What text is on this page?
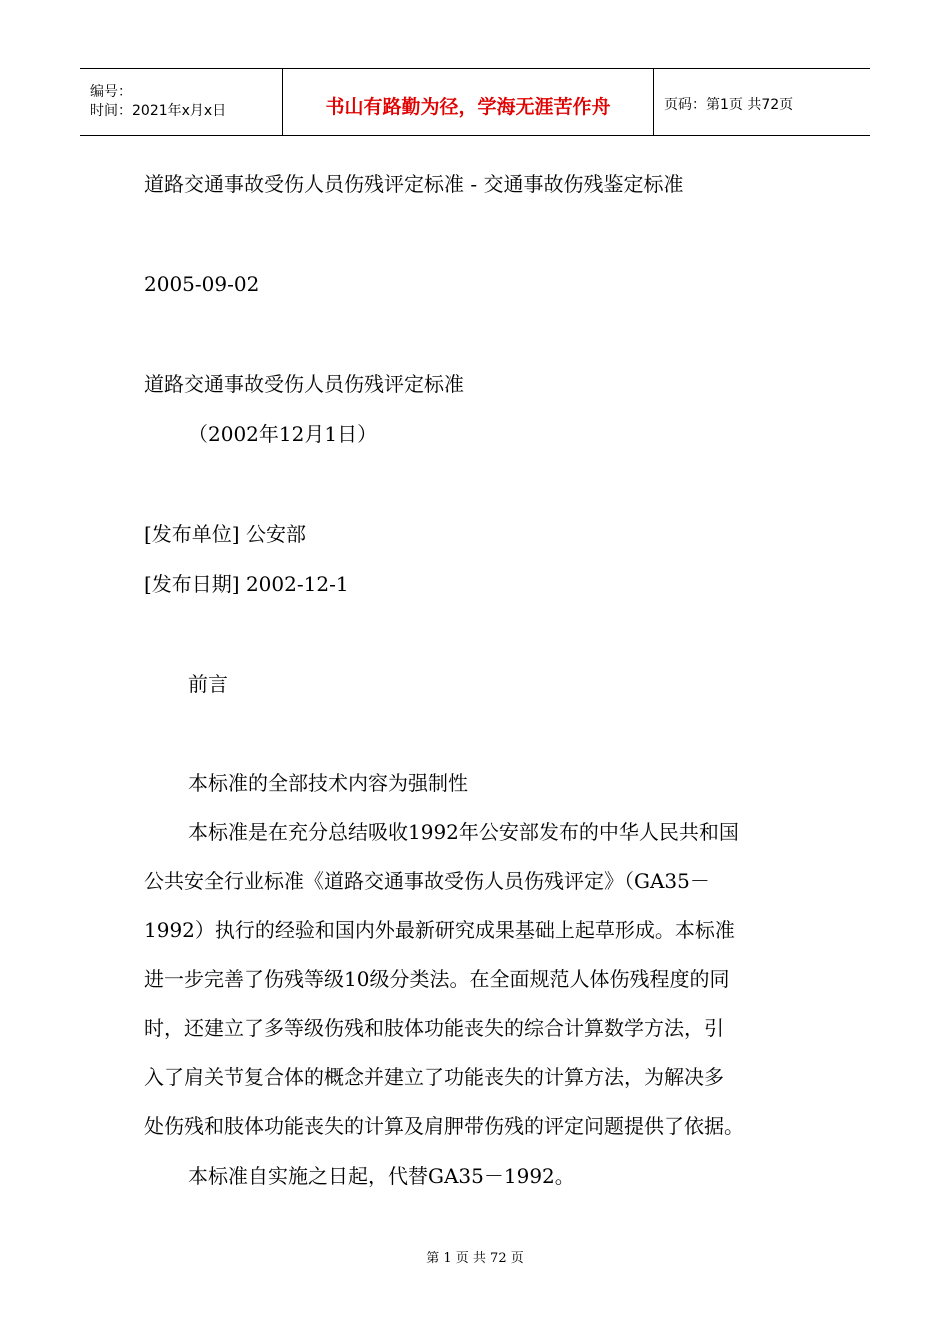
编号：
时间：2021年x月x日	书山有路勤为径，学海无涯苦作舟	页码：第1页 共72页
道路交通事故受伤人员伤残评定标准 - 交通事故伤残鉴定标准
2005-09-02
道路交通事故受伤人员伤残评定标准
（2002年12月1日）
[发布单位] 公安部
[发布日期] 2002-12-1
前言
本标准的全部技术内容为强制性
本标准是在充分总结吸收1992年公安部发布的中华人民共和国
公共安全行业标准《道路交通事故受伤人员伤残评定》（GA35－
1992）执行的经验和国内外最新研究成果基础上起草形成。本标准
进一步完善了伤残等级10级分类法。在全面规范人体伤残程度的同
时，还建立了多等级伤残和肢体功能丧失的综合计算数学方法，引
入了肩关节复合体的概念并建立了功能丧失的计算方法，为解决多
处伤残和肢体功能丧失的计算及肩胛带伤残的评定问题提供了依据。
本标准自实施之日起，代替GA35－1992。
第 1 页 共 72 页
